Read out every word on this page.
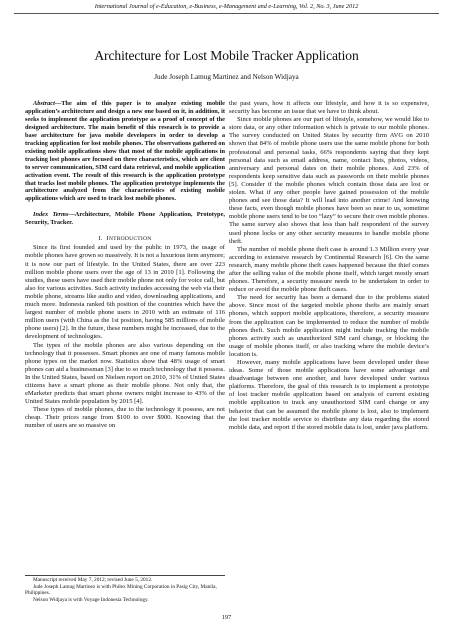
International Journal of e-Education, e-Business, e-Management and e-Learning, Vol. 2, No. 3, June 2012
Architecture for Lost Mobile Tracker Application
Jude Joseph Lamug Martinez and Nelson Widjaya

Abstract—The aim of this paper is to analyze existing mobile application’s architecture and design a new one based on it, in addition, it seeks to implement the application prototype as a proof of concept of the designed architecture. The main benefit of this research is to provide a base architecture for java mobile developers in order to develop a tracking application for lost mobile phones. The observations gathered on existing mobile applications show that most of the mobile applications in tracking lost phones are focused on three characteristics, which are client to server communication, SIM card data retrieval, and mobile application activation event. The result of this research is the application prototype that tracks lost mobile phones. The application prototype implements the architecture analyzed from the characteristics of existing mobile applications which are used to track lost mobile phones.

Index Terms—Architecture, Mobile Phone Application, Prototype, Security, Tracker.

I. INTRODUCTION

Since its first founded and used by the public in 1973, the usage of mobile phones have grown so massively. It is not a luxurious item anymore; it is now our part of lifestyle. In the United States, there are over 223 million mobile phone users over the age of 13 in 2010 [1]. Following the studies, these users have used their mobile phone not only for voice call, but also for various activities. Such activity includes accessing the web via their mobile phone, streams like audio and video, downloading applications, and much more. Indonesia ranked 6th position of the countries which have the largest number of mobile phone users in 2010 with an estimate of 116 million users (with China as the 1st position, having 585 millions of mobile phone users) [2]. In the future, these numbers might be increased, due to the development of technologies.

The types of the mobile phones are also various depending on the technology that it possesses. Smart phones are one of many famous mobile phone types on the market now. Statistics show that 48% usage of smart phones can aid a businessman [3] due to so much technology that it possess. In the United States, based on Nielsen report on 2010, 31% of United States citizens have a smart phone as their mobile phone. Not only that, the eMarketer predicts that smart phone owners might increase to 43% of the United States mobile population by 2015 [4].

These types of mobile phones, due to the technology it possess, are not cheap. Their prices range from $100 to over $900. Knowing that the number of users are so massive on

the past years, how it affects our lifestyle, and how it is so expensive, security has become an issue that we have to think about.

Since mobile phones are our part of lifestyle, somehow, we would like to store data, or any other information which is private to our mobile phones. The survey conducted on United States by security firm AVG on 2010 shown that 84% of mobile phone users use the same mobile phone for both professional and personal tasks, 66% respondents saying that they kept personal data such as email address, name, contact lists, photos, videos, anniversary and personal dates on their mobile phones. And 23% of respondents keep sensitive data such as passwords on their mobile phones [5]. Consider if the mobile phones which contain those data are lost or stolen. What if any other people have gained possession of the mobile phones and see those data? It will lead into another crime! And knowing these facts, even though mobile phones have been so near to us, sometime mobile phone users tend to be too “lazy” to secure their own mobile phones. The same survey also shows that less than half respondent of the survey used phone locks or any other security measures to handle mobile phone theft.

The number of mobile phone theft case is around 1.3 Million every year according to extensive research by Continental Research [6]. On the same research, many mobile phone theft cases happened because the thief comes after the selling value of the mobile phone itself, which target mostly smart phones. Therefore, a security measure needs to be undertaken in order to reduce or avoid the mobile phone theft cases.

The need for security has been a demand due to the problems stated above. Since most of the targeted mobile phone thefts are mainly smart phones, which support mobile applications, therefore, a security measure from the application can be implemented to reduce the number of mobile phones theft. Such mobile application might include tracking the mobile phones activity such as unauthorized SIM card change, or blocking the usage of mobile phones itself, or also tracking where the mobile device’s location is.

However, many mobile applications have been developed under these ideas. Some of those mobile applications have some advantage and disadvantage between one another, and have developed under various platforms. Therefore, the goal of this research is to implement a prototype of lost tracker mobile application based on analysis of current existing mobile application to track any unauthorized SIM card change or any behavior that can be assumed the mobile phone is lost, also to implement the lost tracker mobile service to distribute any data regarding the stored mobile data, and report if the stored mobile data is lost, under java platform.

Manuscript received May 7, 2012; revised June 5, 2012.
Jude Joseph Lamug Martinez is with Philex Mining Corporation in Pasig City, Manila, Philippines.
Nelson Widjaya is with Voyage Indonesia Technology.
197
